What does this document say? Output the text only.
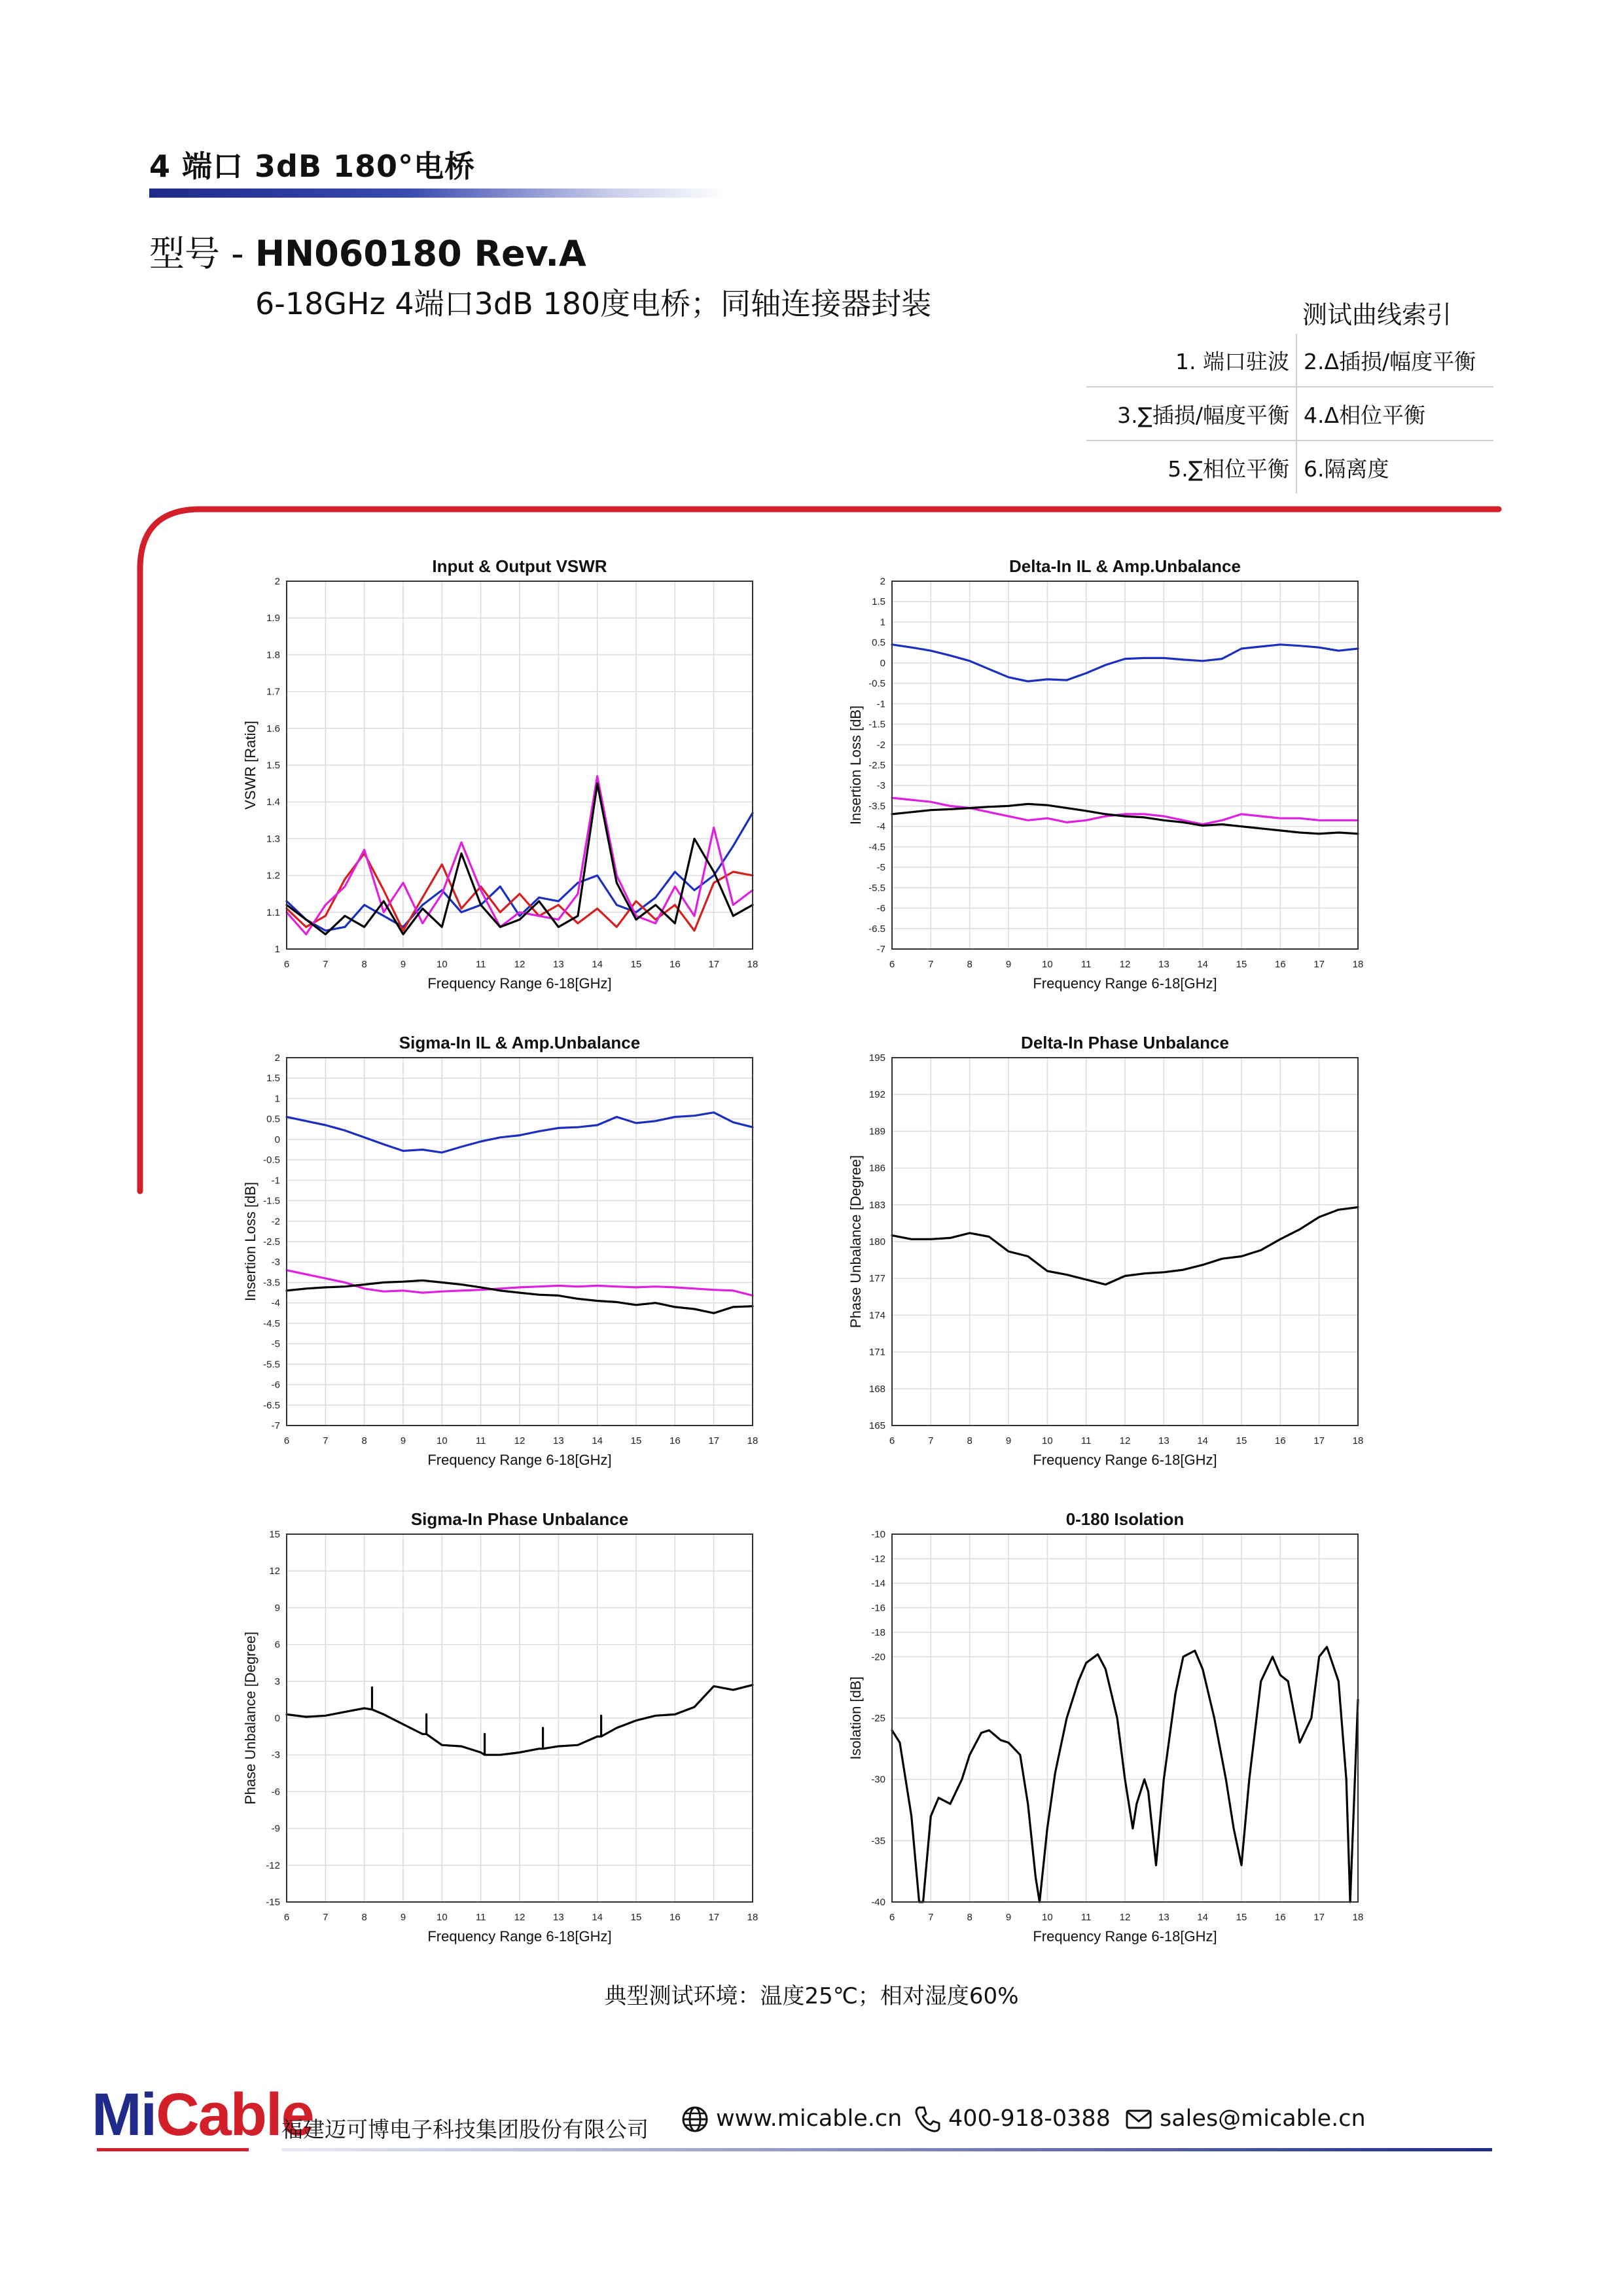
4 端口 3dB 180°电桥
型号 - HN060180 Rev.A
6-18GHz 4端口3dB 180度电桥；同轴连接器封装	测试曲线索引
1. 端口驻波	2.Δ插损/幅度平衡
3.∑插损/幅度平衡	4.Δ相位平衡
5.∑相位平衡	6.隔离度
6	7	8	9	10	11	12	13	14	15	16	17	18
1
1.1
1.2
1.3
1.4
1.5
1.6
1.7
1.8
1.9
2
Input & Output VSWR
Frequency Range 6-18[GHz]
VSWR [Ratio]
6	7	8	9	10	11	12	13	14	15	16	17	18
-7
-6.5
-6
-5.5
-5
-4.5
-4
-3.5
-3
-2.5
-2
-1.5
-1
-0.5
0
0.5
1
1.5
2
Delta-In IL & Amp.Unbalance
Frequency Range 6-18[GHz]
Insertion Loss [dB]
6	7	8	9	10	11	12	13	14	15	16	17	18
-7
-6.5
-6
-5.5
-5
-4.5
-4
-3.5
-3
-2.5
-2
-1.5
-1
-0.5
0
0.5
1
1.5
2
Sigma-In IL & Amp.Unbalance
Frequency Range 6-18[GHz]
Insertion Loss [dB]
6	7	8	9	10	11	12	13	14	15	16	17	18
165
168
171
174
177
180
183
186
189
192
195
Delta-In Phase Unbalance
Frequency Range 6-18[GHz]
Phase Unbalance [Degree]
6	7	8	9	10	11	12	13	14	15	16	17	18
-15
-12
-9
-6
-3
0
3
6
9
12
15
Sigma-In Phase Unbalance
Frequency Range 6-18[GHz]
Phase Unbalance [Degree]
6	7	8	9	10	11	12	13	14	15	16	17	18
-40
-35
-30
-25
-20
-18
-16
-14
-12
-10
0-180 Isolation
Frequency Range 6-18[GHz]
Isolation [dB]
典型测试环境：温度25℃；相对湿度60%
MiCable
福建迈可博电子科技集团股份有限公司	www.micable.cn	400-918-0388	sales@micable.cn
